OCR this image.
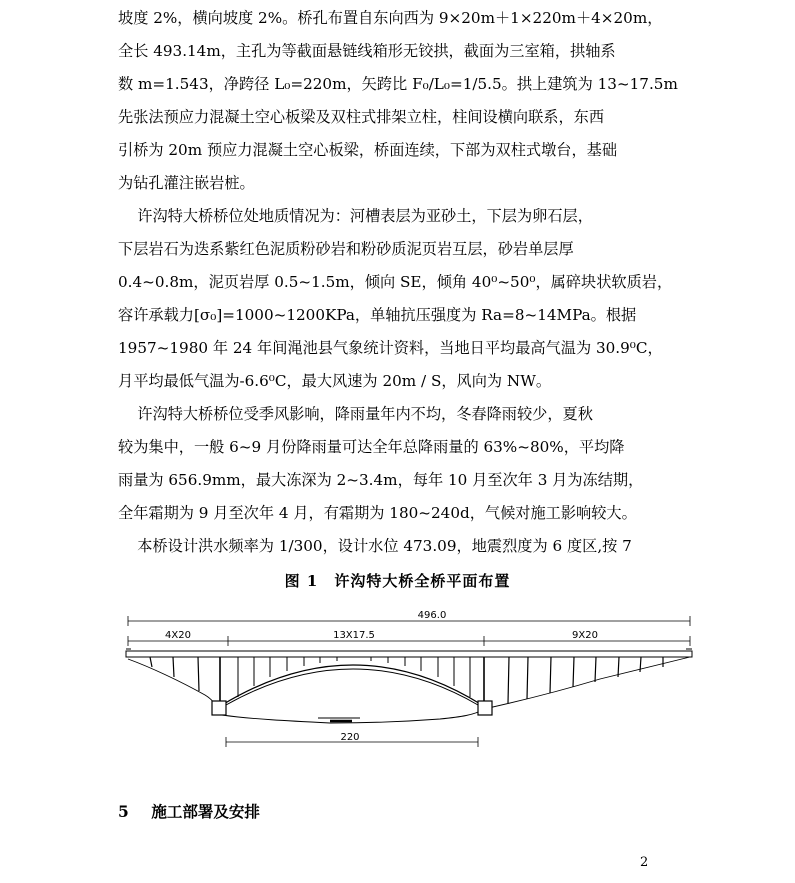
坡度 2%，横向坡度 2%。桥孔布置自东向西为 9×20m＋1×220m＋4×20m，
全长 493.14m，主孔为等截面悬链线箱形无铰拱，截面为三室箱，拱轴系
数 m=1.543，净跨径 L₀=220m，矢跨比 F₀/L₀=1/5.5。拱上建筑为 13~17.5m
先张法预应力混凝土空心板梁及双柱式排架立柱，柱间设横向联系，东西
引桥为 20m 预应力混凝土空心板梁，桥面连续，下部为双柱式墩台，基础
为钻孔灌注嵌岩桩。
许沟特大桥桥位处地质情况为：河槽表层为亚砂土，下层为卵石层，
下层岩石为迭系紫红色泥质粉砂岩和粉砂质泥页岩互层，砂岩单层厚
0.4~0.8m，泥页岩厚 0.5~1.5m，倾向 SE，倾角 40⁰~50⁰，属碎块状软质岩，
容许承载力[σ₀]=1000~1200KPa，单轴抗压强度为 Ra=8~14MPa。根据
1957~1980 年 24 年间渑池县气象统计资料，当地日平均最高气温为 30.9⁰C，
月平均最低气温为-6.6⁰C，最大风速为 20m / S，风向为 NW。
许沟特大桥桥位受季风影响，降雨量年内不均，冬春降雨较少，夏秋
较为集中，一般 6~9 月份降雨量可达全年总降雨量的 63%~80%，平均降
雨量为 656.9mm，最大冻深为 2~3.4m，每年 10 月至次年 3 月为冻结期，
全年霜期为 9 月至次年 4 月，有霜期为 180~240d，气候对施工影响较大。
本桥设计洪水频率为 1/300，设计水位 473.09，地震烈度为 6 度区,按 7
图 1　许沟特大桥全桥平面布置
496.0
4X20	13X17.5	9X20
220
5 施工部署及安排
2
